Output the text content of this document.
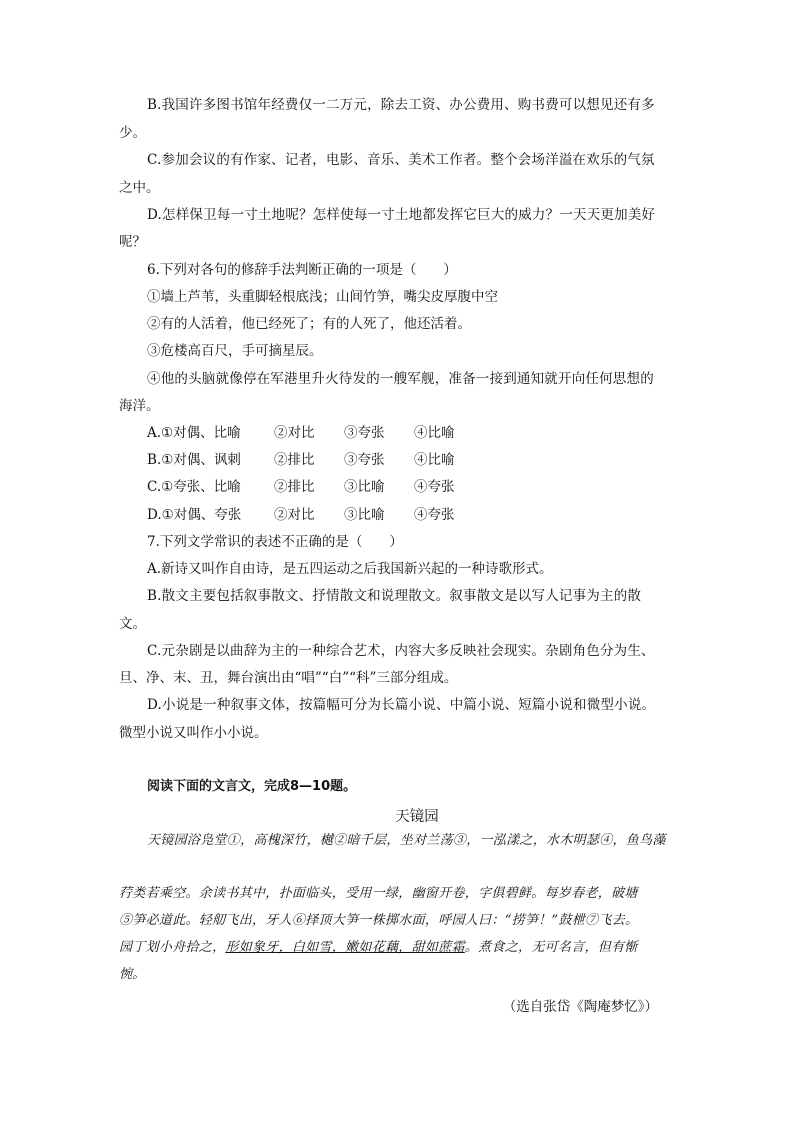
B.我国许多图书馆年经费仅一二万元，除去工资、办公费用、购书费可以想见还有多
少。
C.参加会议的有作家、记者，电影、音乐、美术工作者。整个会场洋溢在欢乐的气氛
之中。
D.怎样保卫每一寸土地呢？怎样使每一寸土地都发挥它巨大的威力？一天天更加美好
呢？
6.下列对各句的修辞手法判断正确的一项是（　　）
①墙上芦苇，头重脚轻根底浅；山间竹笋，嘴尖皮厚腹中空
②有的人活着，他已经死了；有的人死了，他还活着。
③危楼高百尺，手可摘星辰。
④他的头脑就像停在军港里升火待发的一艘军舰，准备一接到通知就开向任何思想的
海洋。
A.①对偶、比喻 ②对比 ③夸张 ④比喻
B.①对偶、讽刺 ②排比 ③夸张 ④比喻
C.①夸张、比喻 ②排比 ③比喻 ④夸张
D.①对偶、夸张 ②对比 ③比喻 ④夸张
7.下列文学常识的表述不正确的是（　　）
A.新诗又叫作自由诗，是五四运动之后我国新兴起的一种诗歌形式。
B.散文主要包括叙事散文、抒情散文和说理散文。叙事散文是以写人记事为主的散
文。
C.元杂剧是以曲辞为主的一种综合艺术，内容大多反映社会现实。杂剧角色分为生、
旦、净、末、丑，舞台演出由“唱”“白”“科”三部分组成。
D.小说是一种叙事文体，按篇幅可分为长篇小说、中篇小说、短篇小说和微型小说。
微型小说又叫作小小说。
阅读下面的文言文，完成8—10题。
天镜园
天镜园浴凫堂①，高槐深竹，樾②暗千层，坐对兰荡③，一泓漾之，水木明瑟④，鱼鸟藻
荇类若乘空。余读书其中，扑面临头，受用一绿，幽窗开卷，字俱碧鲜。每岁春老，破塘
⑤笋必道此。轻舠飞出，牙人⑥择顶大笋一株掷水面，呼园人曰：“捞笋！”鼓枻⑦飞去。
园丁划小舟拾之，形如象牙，白如雪，嫩如花藕，甜如蔗霜。煮食之，无可名言，但有惭
惋。
（选自张岱《陶庵梦忆》）
